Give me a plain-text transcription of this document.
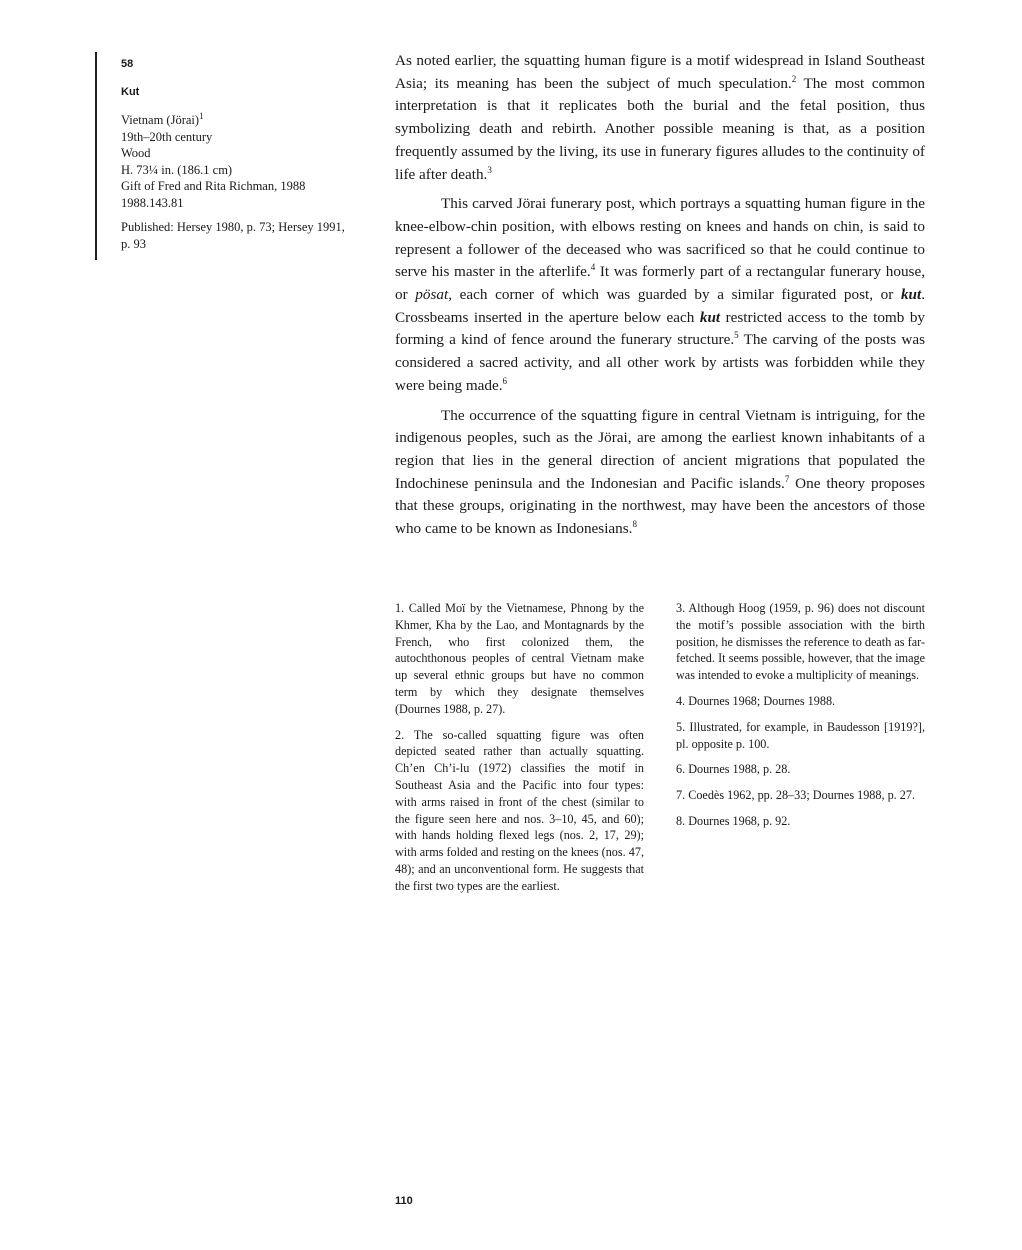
58
Kut
Vietnam (Jörai)$^1$
19th–20th century
Wood
H. 73¼ in. (186.1 cm)
Gift of Fred and Rita Richman, 1988
1988.143.81
Published: Hersey 1980, p. 73; Hersey 1991, p. 93

As noted earlier, the squatting human figure is a motif widespread in Island Southeast Asia; its meaning has been the subject of much speculation.$^2$ The most common interpretation is that it replicates both the burial and the fetal position, thus symbolizing death and rebirth. Another possible meaning is that, as a position frequently assumed by the living, its use in funerary figures alludes to the continuity of life after death.$^3$

This carved Jörai funerary post, which portrays a squatting human figure in the knee-elbow-chin position, with elbows resting on knees and hands on chin, is said to represent a follower of the deceased who was sacrificed so that he could continue to serve his master in the afterlife.$^4$ It was formerly part of a rectangular funerary house, or pösat, each corner of which was guarded by a similar figurated post, or kut. Crossbeams inserted in the aperture below each kut restricted access to the tomb by forming a kind of fence around the funerary structure.$^5$ The carving of the posts was considered a sacred activity, and all other work by artists was forbidden while they were being made.$^6$

The occurrence of the squatting figure in central Vietnam is intriguing, for the indigenous peoples, such as the Jörai, are among the earliest known inhabitants of a region that lies in the general direction of ancient migrations that populated the Indochinese peninsula and the Indonesian and Pacific islands.$^7$ One theory proposes that these groups, originating in the northwest, may have been the ancestors of those who came to be known as Indonesians.$^8$

1. Called Moï by the Vietnamese, Phnong by the Khmer, Kha by the Lao, and Montagnards by the French, who first colonized them, the autochthonous peoples of central Vietnam make up several ethnic groups but have no common term by which they designate themselves (Dournes 1988, p. 27).

2. The so-called squatting figure was often depicted seated rather than actually squatting. Ch’en Ch’i-lu (1972) classifies the motif in Southeast Asia and the Pacific into four types: with arms raised in front of the chest (similar to the figure seen here and nos. 3–10, 45, and 60); with hands holding flexed legs (nos. 2, 17, 29); with arms folded and resting on the knees (nos. 47, 48); and an unconventional form. He suggests that the first two types are the earliest.

3. Although Hoog (1959, p. 96) does not discount the motif’s possible association with the birth position, he dismisses the reference to death as far-fetched. It seems possible, however, that the image was intended to evoke a multiplicity of meanings.

4. Dournes 1968; Dournes 1988.

5. Illustrated, for example, in Baudesson [1919?], pl. opposite p. 100.

6. Dournes 1988, p. 28.

7. Coedès 1962, pp. 28–33; Dournes 1988, p. 27.

8. Dournes 1968, p. 92.

110
